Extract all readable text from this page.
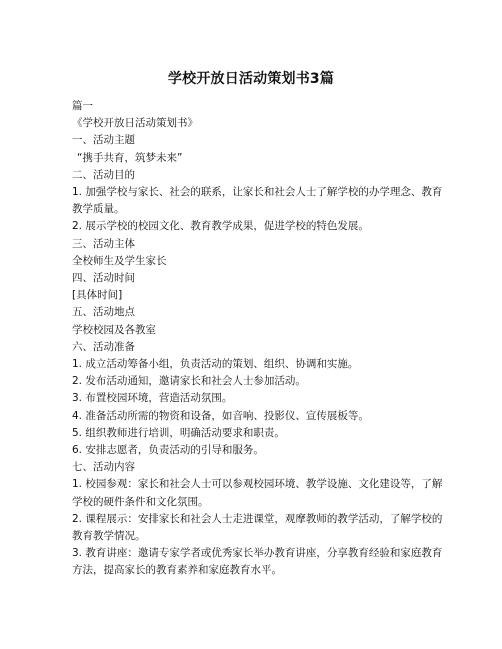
学校开放日活动策划书3篇
篇一
《学校开放日活动策划书》
一、活动主题
“携手共育，筑梦未来”
二、活动目的
1. 加强学校与家长、社会的联系，让家长和社会人士了解学校的办学理念、教育教学质量。
2. 展示学校的校园文化、教育教学成果，促进学校的特色发展。
三、活动主体
全校师生及学生家长
四、活动时间
[具体时间]
五、活动地点
学校校园及各教室
六、活动准备
1. 成立活动筹备小组，负责活动的策划、组织、协调和实施。
2. 发布活动通知，邀请家长和社会人士参加活动。
3. 布置校园环境，营造活动氛围。
4. 准备活动所需的物资和设备，如音响、投影仪、宣传展板等。
5. 组织教师进行培训，明确活动要求和职责。
6. 安排志愿者，负责活动的引导和服务。
七、活动内容
1. 校园参观：家长和社会人士可以参观校园环境、教学设施、文化建设等，了解学校的硬件条件和文化氛围。
2. 课程展示：安排家长和社会人士走进课堂，观摩教师的教学活动，了解学校的教育教学情况。
3. 教育讲座：邀请专家学者或优秀家长举办教育讲座，分享教育经验和家庭教育方法，提高家长的教育素养和家庭教育水平。
